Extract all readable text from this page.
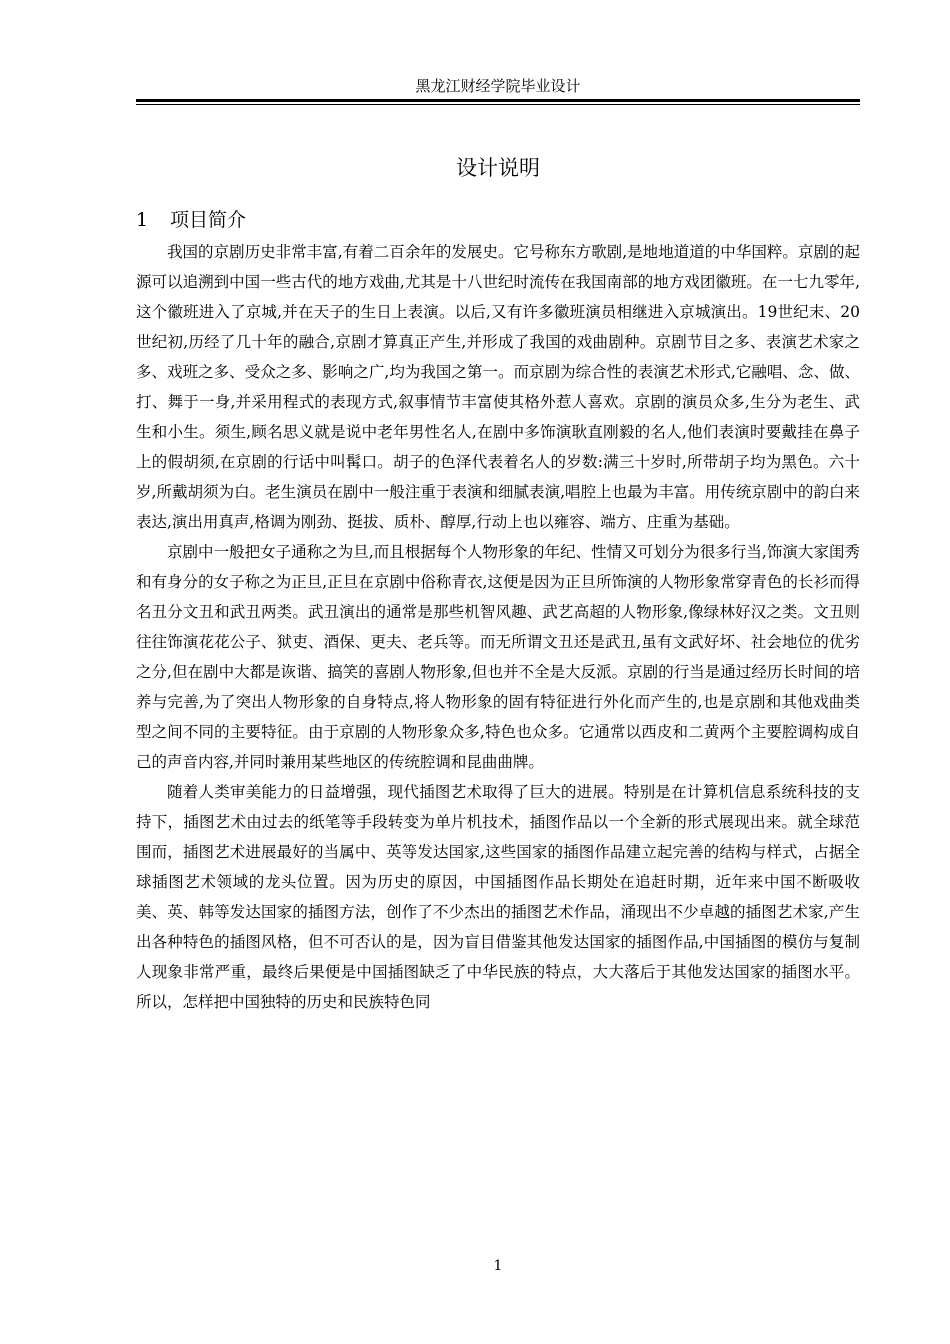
黑龙江财经学院毕业设计
设计说明
1 项目简介

我国的京剧历史非常丰富,有着二百余年的发展史。它号称东方歌剧,是地地道道的中华国粹。京剧的起源可以追溯到中国一些古代的地方戏曲,尤其是十八世纪时流传在我国南部的地方戏团徽班。在一七九零年,这个徽班进入了京城,并在天子的生日上表演。以后,又有许多徽班演员相继进入京城演出。19世纪末、20世纪初,历经了几十年的融合,京剧才算真正产生,并形成了我国的戏曲剧种。京剧节目之多、表演艺术家之多、戏班之多、受众之多、影响之广,均为我国之第一。而京剧为综合性的表演艺术形式,它融唱、念、做、打、舞于一身,并采用程式的表现方式,叙事情节丰富使其格外惹人喜欢。京剧的演员众多,生分为老生、武生和小生。须生,顾名思义就是说中老年男性名人,在剧中多饰演耿直刚毅的名人,他们表演时要戴挂在鼻子上的假胡须,在京剧的行话中叫髯口。胡子的色泽代表着名人的岁数:满三十岁时,所带胡子均为黑色。六十岁,所戴胡须为白。老生演员在剧中一般注重于表演和细腻表演,唱腔上也最为丰富。用传统京剧中的韵白来表达,演出用真声,格调为刚劲、挺拔、质朴、醇厚,行动上也以雍容、端方、庄重为基础。

京剧中一般把女子通称之为旦,而且根据每个人物形象的年纪、性情又可划分为很多行当,饰演大家闺秀和有身分的女子称之为正旦,正旦在京剧中俗称青衣,这便是因为正旦所饰演的人物形象常穿青色的长衫而得名丑分文丑和武丑两类。武丑演出的通常是那些机智风趣、武艺高超的人物形象,像绿林好汉之类。文丑则往往饰演花花公子、狱吏、酒保、更夫、老兵等。而无所谓文丑还是武丑,虽有文武好坏、社会地位的优劣之分,但在剧中大都是诙谐、搞笑的喜剧人物形象,但也并不全是大反派。京剧的行当是通过经历长时间的培养与完善,为了突出人物形象的自身特点,将人物形象的固有特征进行外化而产生的,也是京剧和其他戏曲类型之间不同的主要特征。由于京剧的人物形象众多,特色也众多。它通常以西皮和二黄两个主要腔调构成自己的声音内容,并同时兼用某些地区的传统腔调和昆曲曲牌。

随着人类审美能力的日益增强，现代插图艺术取得了巨大的进展。特别是在计算机信息系统科技的支持下，插图艺术由过去的纸笔等手段转变为单片机技术，插图作品以一个全新的形式展现出来。就全球范围而，插图艺术进展最好的当属中、英等发达国家,这些国家的插图作品建立起完善的结构与样式，占据全球插图艺术领域的龙头位置。因为历史的原因，中国插图作品长期处在追赶时期，近年来中国不断吸收美、英、韩等发达国家的插图方法，创作了不少杰出的插图艺术作品，涌现出不少卓越的插图艺术家,产生出各种特色的插图风格，但不可否认的是，因为盲目借鉴其他发达国家的插图作品,中国插图的模仿与复制人现象非常严重，最终后果便是中国插图缺乏了中华民族的特点，大大落后于其他发达国家的插图水平。所以，怎样把中国独特的历史和民族特色同

1
